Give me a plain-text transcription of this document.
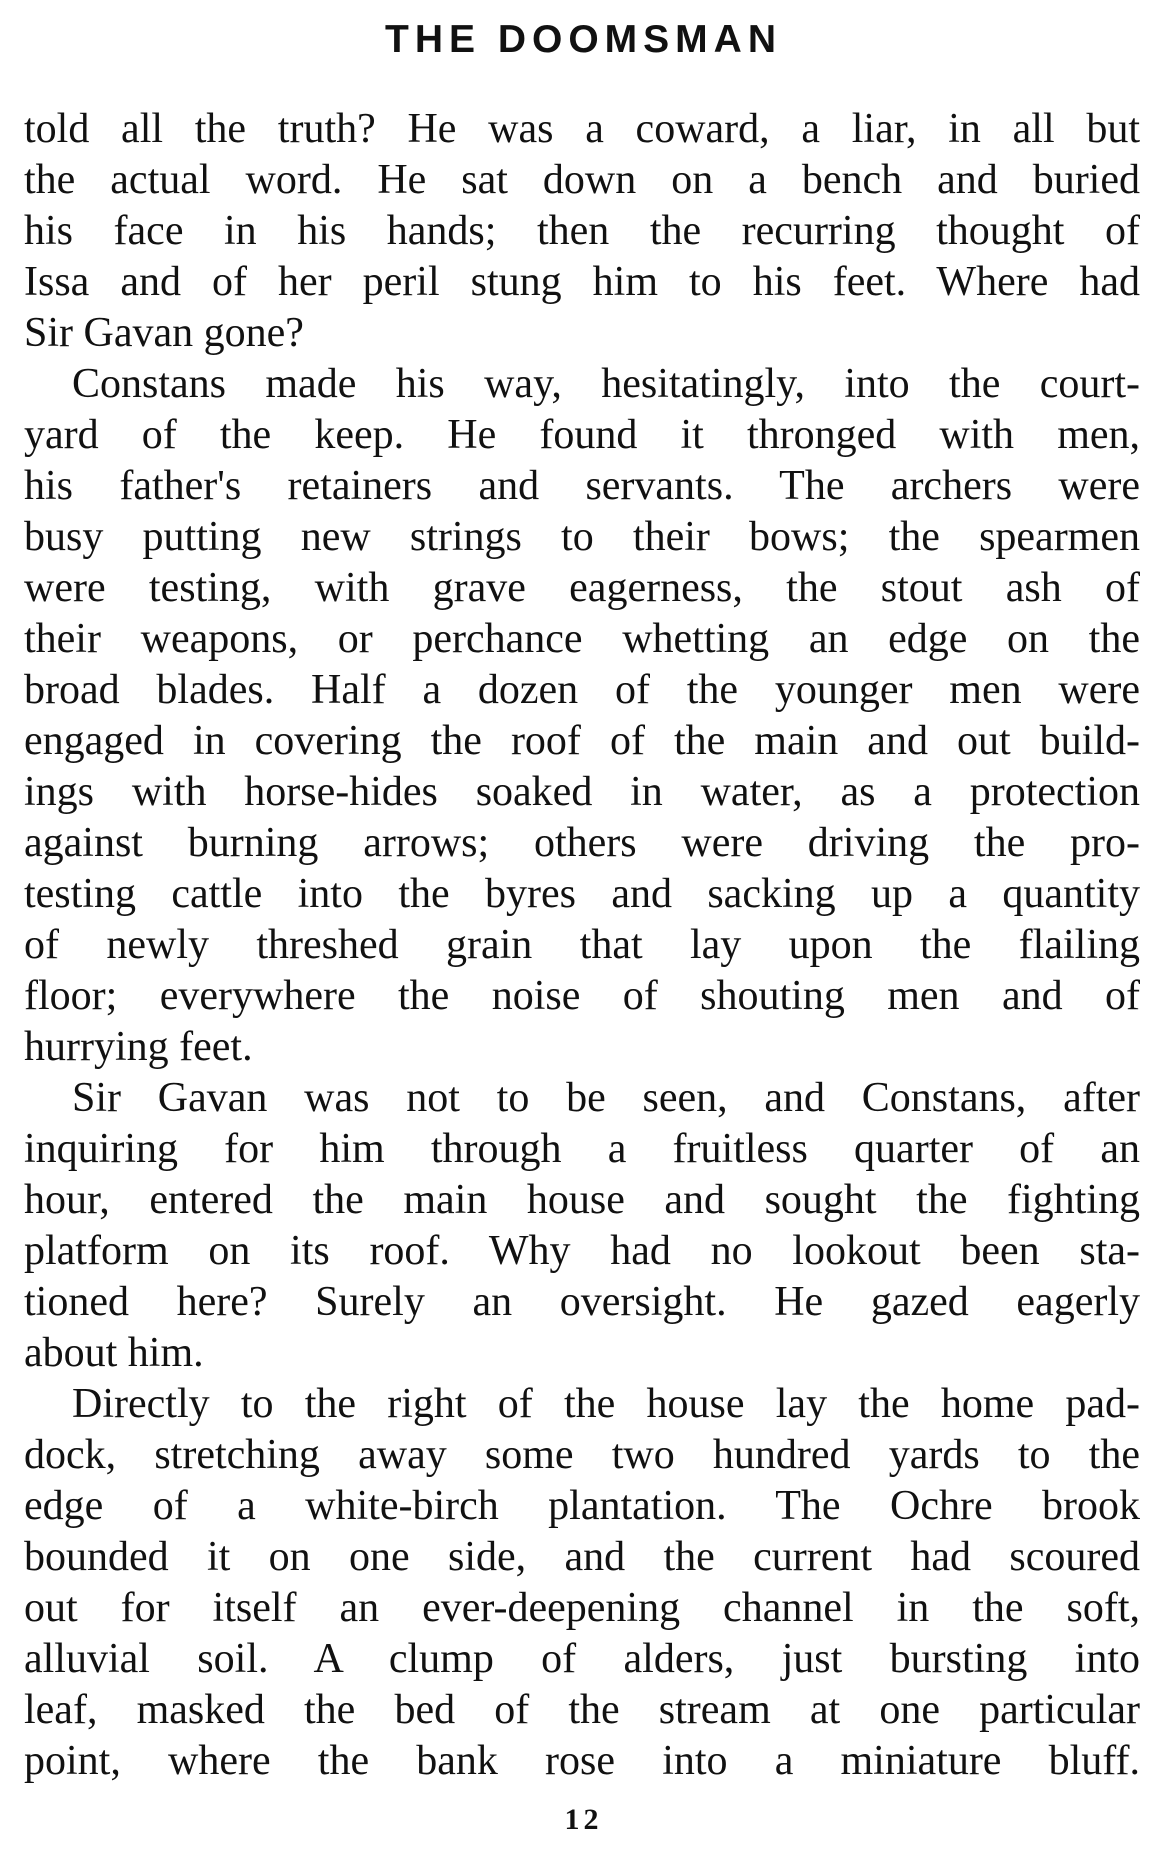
THE DOOMSMAN
told all the truth? He was a coward, a liar, in all but
the actual word. He sat down on a bench and buried
his face in his hands; then the recurring thought of
Issa and of her peril stung him to his feet. Where had
Sir Gavan gone?
Constans made his way, hesitatingly, into the court-
yard of the keep. He found it thronged with men,
his father's retainers and servants. The archers were
busy putting new strings to their bows; the spearmen
were testing, with grave eagerness, the stout ash of
their weapons, or perchance whetting an edge on the
broad blades. Half a dozen of the younger men were
engaged in covering the roof of the main and out build-
ings with horse-hides soaked in water, as a protection
against burning arrows; others were driving the pro-
testing cattle into the byres and sacking up a quantity
of newly threshed grain that lay upon the flailing
floor; everywhere the noise of shouting men and of
hurrying feet.
Sir Gavan was not to be seen, and Constans, after
inquiring for him through a fruitless quarter of an
hour, entered the main house and sought the fighting
platform on its roof. Why had no lookout been sta-
tioned here? Surely an oversight. He gazed eagerly
about him.
Directly to the right of the house lay the home pad-
dock, stretching away some two hundred yards to the
edge of a white-birch plantation. The Ochre brook
bounded it on one side, and the current had scoured
out for itself an ever-deepening channel in the soft,
alluvial soil. A clump of alders, just bursting into
leaf, masked the bed of the stream at one particular
point, where the bank rose into a miniature bluff.
12
